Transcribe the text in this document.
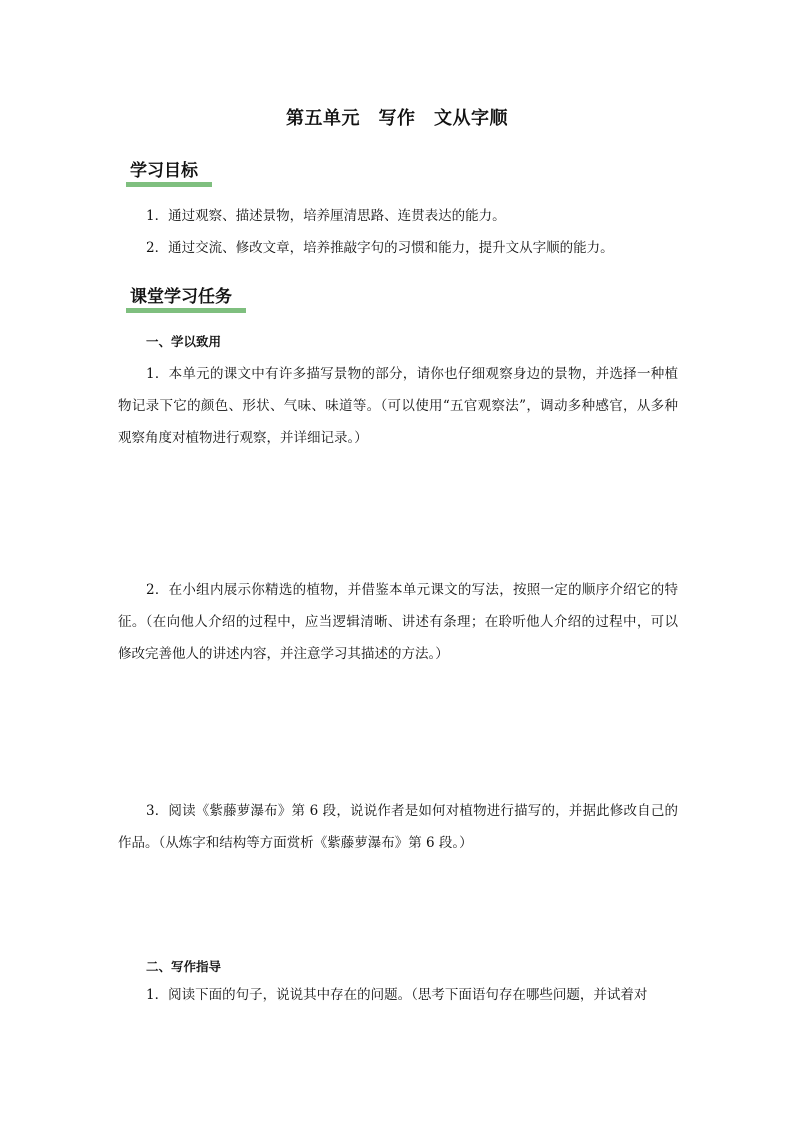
第五单元　写作　文从字顺
学习目标
1．通过观察、描述景物，培养厘清思路、连贯表达的能力。
2．通过交流、修改文章，培养推敲字句的习惯和能力，提升文从字顺的能力。
课堂学习任务
一、学以致用

1．本单元的课文中有许多描写景物的部分，请你也仔细观察身边的景物，并选择一种植物记录下它的颜色、形状、气味、味道等。（可以使用“五官观察法”，调动多种感官，从多种观察角度对植物进行观察，并详细记录。）

2．在小组内展示你精选的植物，并借鉴本单元课文的写法，按照一定的顺序介绍它的特征。（在向他人介绍的过程中，应当逻辑清晰、讲述有条理；在聆听他人介绍的过程中，可以修改完善他人的讲述内容，并注意学习其描述的方法。）

3．阅读《紫藤萝瀑布》第 6 段，说说作者是如何对植物进行描写的，并据此修改自己的作品。（从炼字和结构等方面赏析《紫藤萝瀑布》第 6 段。）

二、写作指导
1．阅读下面的句子，说说其中存在的问题。（思考下面语句存在哪些问题，并试着对
